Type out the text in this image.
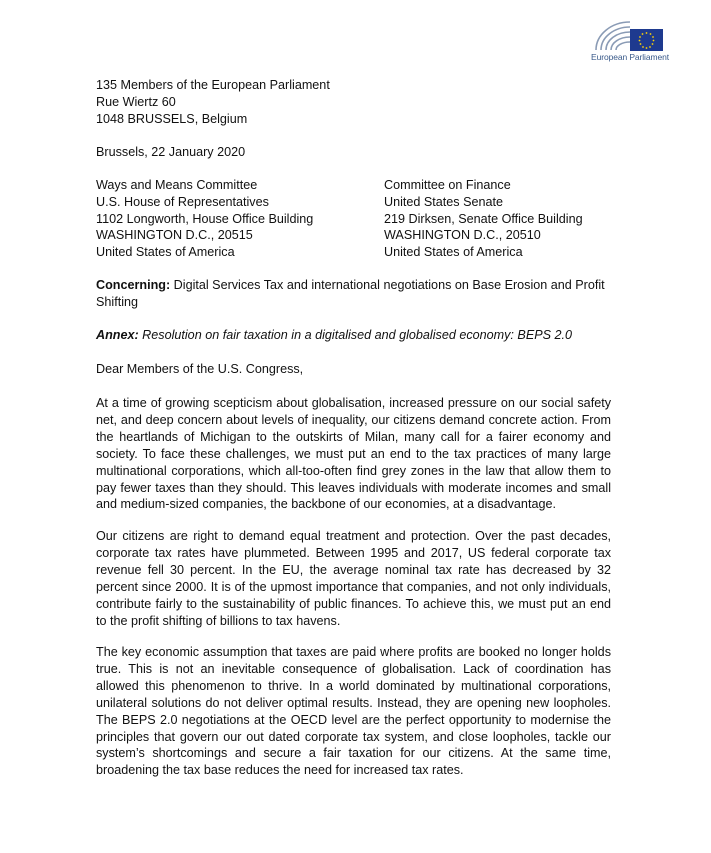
European Parliament
135 Members of the European Parliament
Rue Wiertz 60
1048 BRUSSELS, Belgium
Brussels, 22 January 2020
Ways and Means Committee
U.S. House of Representatives
1102 Longworth, House Office Building
WASHINGTON D.C., 20515
United States of America
Committee on Finance
United States Senate
219 Dirksen, Senate Office Building
WASHINGTON D.C., 20510
United States of America
Concerning: Digital Services Tax and international negotiations on Base Erosion and Profit Shifting
Annex: Resolution on fair taxation in a digitalised and globalised economy: BEPS 2.0
Dear Members of the U.S. Congress,
At a time of growing scepticism about globalisation, increased pressure on our social safety net, and deep concern about levels of inequality, our citizens demand concrete action. From the heartlands of Michigan to the outskirts of Milan, many call for a fairer economy and society. To face these challenges, we must put an end to the tax practices of many large multinational corporations, which all-too-often find grey zones in the law that allow them to pay fewer taxes than they should. This leaves individuals with moderate incomes and small and medium-sized companies, the backbone of our economies, at a disadvantage.
Our citizens are right to demand equal treatment and protection. Over the past decades, corporate tax rates have plummeted. Between 1995 and 2017, US federal corporate tax revenue fell 30 percent. In the EU, the average nominal tax rate has decreased by 32 percent since 2000. It is of the upmost importance that companies, and not only individuals, contribute fairly to the sustainability of public finances. To achieve this, we must put an end to the profit shifting of billions to tax havens.
The key economic assumption that taxes are paid where profits are booked no longer holds true. This is not an inevitable consequence of globalisation. Lack of coordination has allowed this phenomenon to thrive. In a world dominated by multinational corporations, unilateral solutions do not deliver optimal results. Instead, they are opening new loopholes. The BEPS 2.0 negotiations at the OECD level are the perfect opportunity to modernise the principles that govern our out dated corporate tax system, and close loopholes, tackle our system’s shortcomings and secure a fair taxation for our citizens. At the same time, broadening the tax base reduces the need for increased tax rates.
